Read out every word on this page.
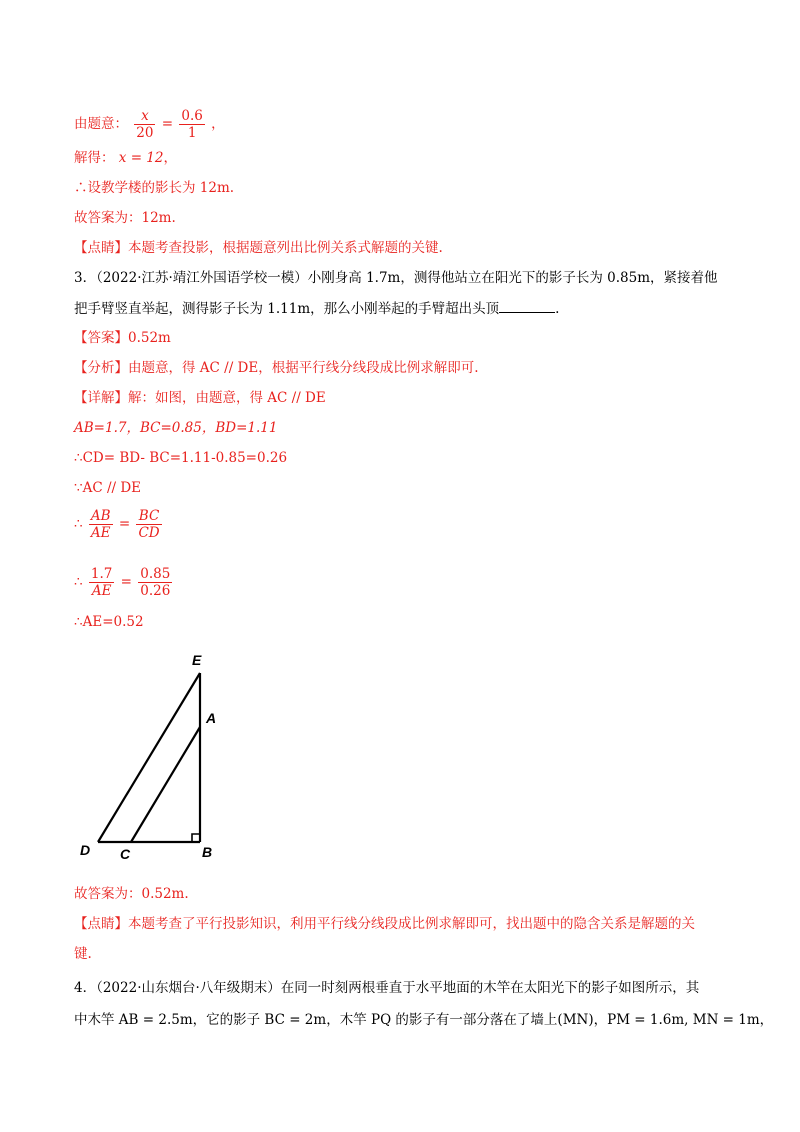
由题意： $\frac{x}{20} = \frac{0.6}{1}$ ，
解得： x = 12，
∴设教学楼的影长为 12m.
故答案为：12m.
【点睛】本题考查投影，根据题意列出比例关系式解题的关键.
3．（2022·江苏·靖江外国语学校一模）小刚身高 1.7m，测得他站立在阳光下的影子长为 0.85m，紧接着他
把手臂竖直举起，测得影子长为 1.11m，那么小刚举起的手臂超出头顶	.
【答案】0.52m
【分析】由题意，得 AC // DE，根据平行线分线段成比例求解即可.
【详解】解：如图，由题意，得 AC // DE
AB=1.7，BC=0.85，BD=1.11
∴CD= BD- BC=1.11-0.85=0.26
∵AC // DE
∴ $\frac{AB}{AE} = \frac{BC}{CD}$
∴ $\frac{1.7}{AE} = \frac{0.85}{0.26}$
∴AE=0.52
E
A
D C	B
故答案为：0.52m.
【点睛】本题考查了平行投影知识，利用平行线分线段成比例求解即可，找出题中的隐含关系是解题的关
键.
4．（2022·山东烟台·八年级期末）在同一时刻两根垂直于水平地面的木竿在太阳光下的影子如图所示，其
中木竿 AB = 2.5m，它的影子 BC = 2m，木竿 PQ 的影子有一部分落在了墙上(MN)，PM = 1.6m, MN = 1m，
